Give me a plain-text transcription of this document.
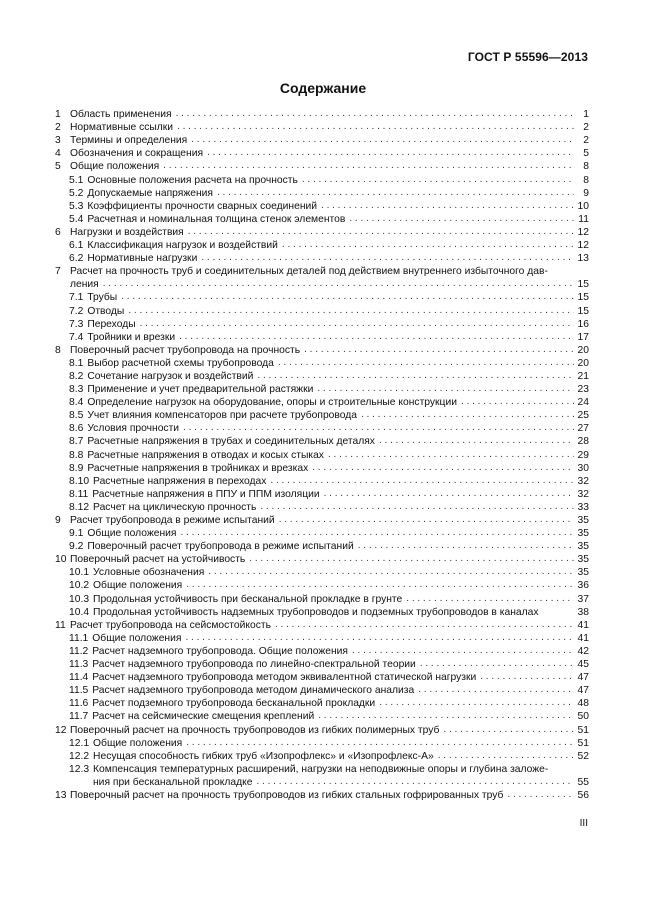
ГОСТ Р 55596—2013
Содержание
1 Область применения . . .	1
2 Нормативные ссылки . . .	2
3 Термины и определения . . .	2
4 Обозначения и сокращения . . .	5
5 Общие положения . . .	8
5.1 Основные положения расчета на прочность . . .	8
5.2 Допускаемые напряжения . . .	9
5.3 Коэффициенты прочности сварных соединений . . .	10
5.4 Расчетная и номинальная толщина стенок элементов . . .	11
6 Нагрузки и воздействия . . .	12
6.1 Классификация нагрузок и воздействий . . .	12
6.2 Нормативные нагрузки . . .	13
7 Расчет на прочность труб и соединительных деталей под действием внутреннего избыточного дав-
ления . . .	15
7.1 Трубы . . .	15
7.2 Отводы . . .	15
7.3 Переходы . . .	16
7.4 Тройники и врезки . . .	17
8 Поверочный расчет трубопровода на прочность . . .	20
8.1 Выбор расчетной схемы трубопровода . . .	20
8.2 Сочетание нагрузок и воздействий . . .	21
8.3 Применение и учет предварительной растяжки . . .	23
8.4 Определение нагрузок на оборудование, опоры и строительные конструкции . . .	24
8.5 Учет влияния компенсаторов при расчете трубопровода . . .	25
8.6 Условия прочности . . .	27
8.7 Расчетные напряжения в трубах и соединительных деталях . . .	28
8.8 Расчетные напряжения в отводах и косых стыках . . .	29
8.9 Расчетные напряжения в тройниках и врезках . . .	30
8.10 Расчетные напряжения в переходах . . .	32
8.11 Расчетные напряжения в ППУ и ППМ изоляции . . .	32
8.12 Расчет на циклическую прочность . . .	33
9 Расчет трубопровода в режиме испытаний . . .	35
9.1 Общие положения . . .	35
9.2 Поверочный расчет трубопровода в режиме испытаний . . .	35
10 Поверочный расчет на устойчивость . . .	35
10.1 Условные обозначения . . .	35
10.2 Общие положения . . .	36
10.3 Продольная устойчивость при бесканальной прокладке в грунте . . .	37
10.4 Продольная устойчивость надземных трубопроводов и подземных трубопроводов в каналах	38
11 Расчет трубопровода на сейсмостойкость . . .	41
11.1 Общие положения . . .	41
11.2 Расчет надземного трубопровода. Общие положения . . .	42
11.3 Расчет надземного трубопровода по линейно-спектральной теории . . .	45
11.4 Расчет надземного трубопровода методом эквивалентной статической нагрузки . . .	47
11.5 Расчет надземного трубопровода методом динамического анализа . . .	47
11.6 Расчет подземного трубопровода бесканальной прокладки . . .	48
11.7 Расчет на сейсмические смещения креплений . . .	50
12 Поверочный расчет на прочность трубопроводов из гибких полимерных труб . . .	51
12.1 Общие положения . . .	51
12.2 Несущая способность гибких труб «Изопрофлекс» и «Изопрофлекс-А» . . .	52
12.3 Компенсация температурных расширений, нагрузки на неподвижные опоры и глубина заложе-
ния при бесканальной прокладке . . .	55
13 Поверочный расчет на прочность трубопроводов из гибких стальных гофрированных труб . . .	56
III
